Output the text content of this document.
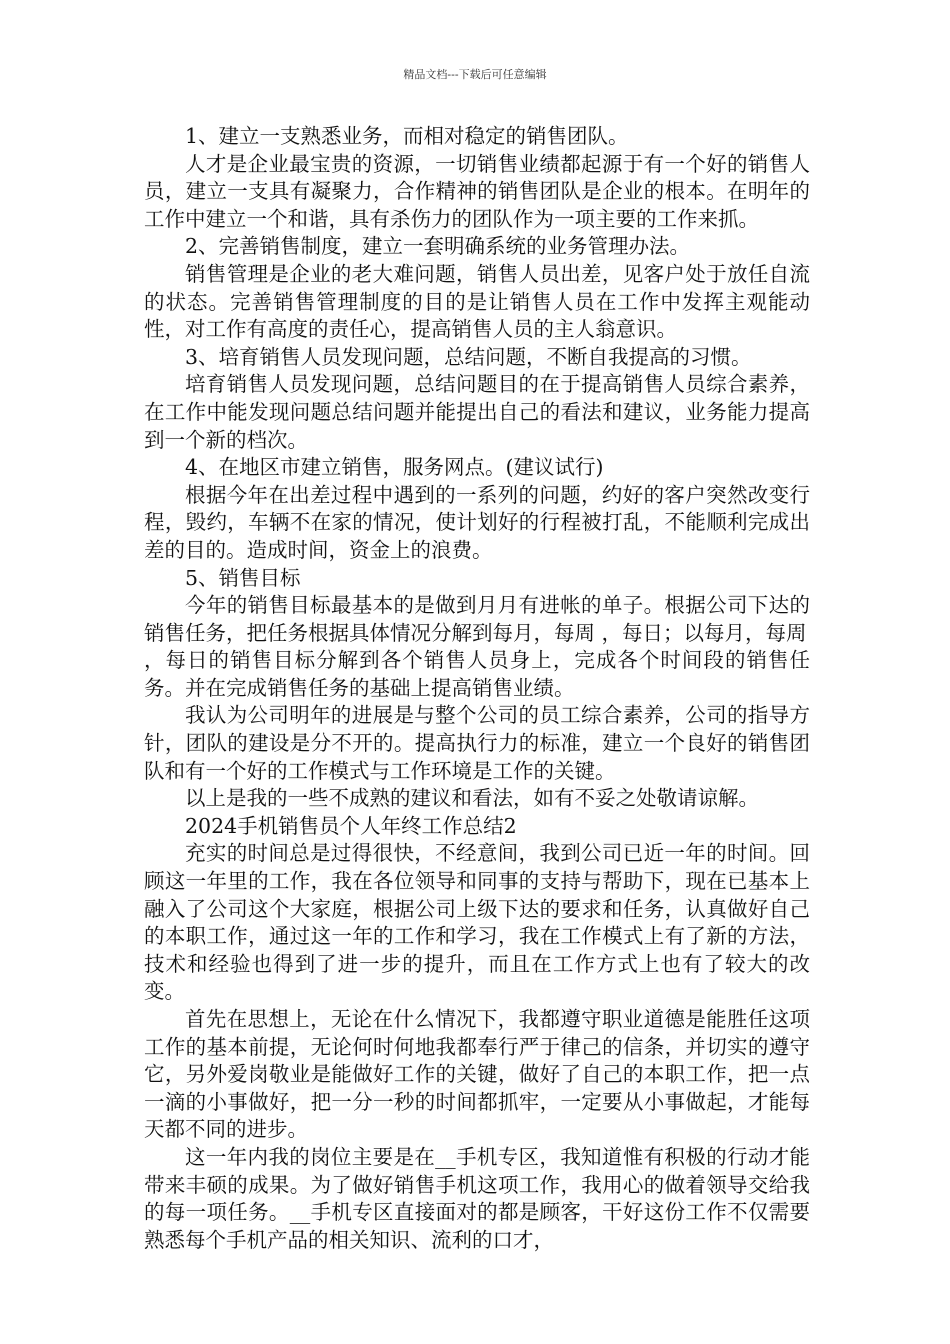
精品文档---下载后可任意编辑

1、建立一支熟悉业务，而相对稳定的销售团队。

人才是企业最宝贵的资源，一切销售业绩都起源于有一个好的销售人员，建立一支具有凝聚力，合作精神的销售团队是企业的根本。在明年的工作中建立一个和谐，具有杀伤力的团队作为一项主要的工作来抓。

2、完善销售制度，建立一套明确系统的业务管理办法。

销售管理是企业的老大难问题，销售人员出差，见客户处于放任自流的状态。完善销售管理制度的目的是让销售人员在工作中发挥主观能动性，对工作有高度的责任心，提高销售人员的主人翁意识。

3、培育销售人员发现问题，总结问题，不断自我提高的习惯。

培育销售人员发现问题，总结问题目的在于提高销售人员综合素养，在工作中能发现问题总结问题并能提出自己的看法和建议，业务能力提高到一个新的档次。

4、在地区市建立销售，服务网点。(建议试行)

根据今年在出差过程中遇到的一系列的问题，约好的客户突然改变行程，毁约，车辆不在家的情况，使计划好的行程被打乱，不能顺利完成出差的目的。造成时间，资金上的浪费。

5、销售目标

今年的销售目标最基本的是做到月月有进帐的单子。根据公司下达的销售任务，把任务根据具体情况分解到每月，每周 ，每日；以每月，每周

，每日的销售目标分解到各个销售人员身上，完成各个时间段的销售任务。并在完成销售任务的基础上提高销售业绩。

我认为公司明年的进展是与整个公司的员工综合素养，公司的指导方针，团队的建设是分不开的。提高执行力的标准，建立一个良好的销售团队和有一个好的工作模式与工作环境是工作的关键。

以上是我的一些不成熟的建议和看法，如有不妥之处敬请谅解。

2024手机销售员个人年终工作总结2

充实的时间总是过得很快，不经意间，我到公司已近一年的时间。回顾这一年里的工作，我在各位领导和同事的支持与帮助下，现在已基本上融入了公司这个大家庭，根据公司上级下达的要求和任务，认真做好自己的本职工作，通过这一年的工作和学习，我在工作模式上有了新的方法，技术和经验也得到了进一步的提升，而且在工作方式上也有了较大的改变。

首先在思想上，无论在什么情况下，我都遵守职业道德是能胜任这项工作的基本前提，无论何时何地我都奉行严于律己的信条，并切实的遵守它，另外爱岗敬业是能做好工作的关键，做好了自己的本职工作，把一点一滴的小事做好，把一分一秒的时间都抓牢，一定要从小事做起，才能每天都不同的进步。

这一年内我的岗位主要是在__手机专区，我知道惟有积极的行动才能带来丰硕的成果。为了做好销售手机这项工作，我用心的做着领导交给我的每一项任务。__手机专区直接面对的都是顾客，干好这份工作不仅需要熟悉每个手机产品的相关知识、流利的口才，
